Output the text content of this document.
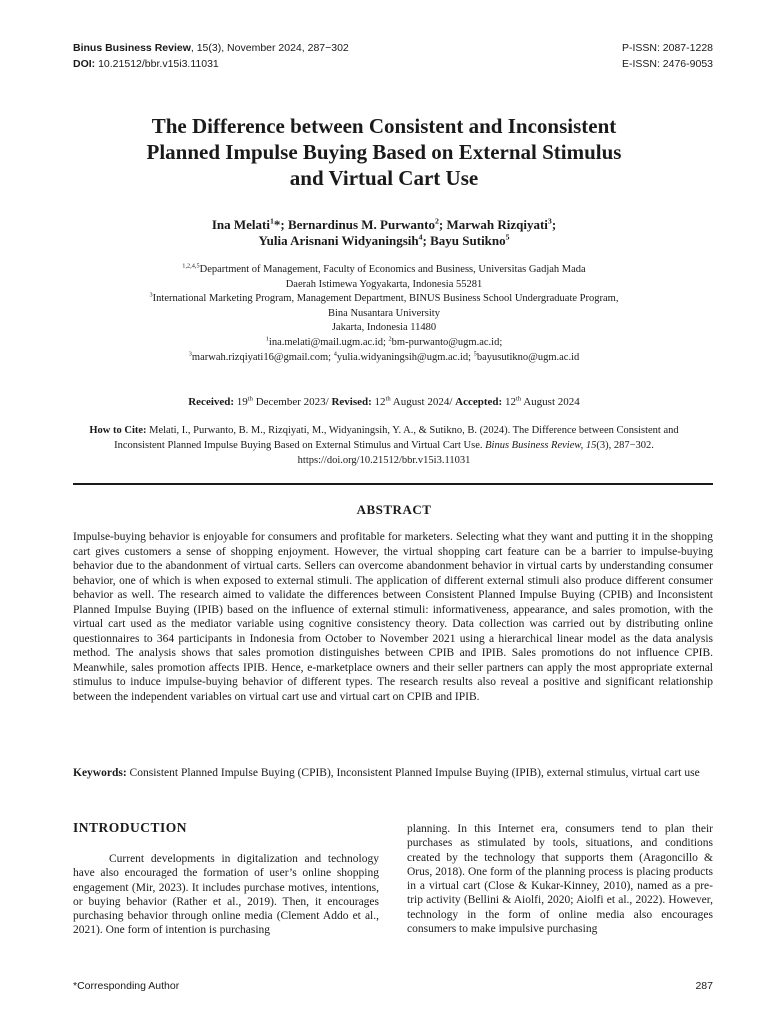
Binus Business Review, 15(3), November 2024, 287−302
DOI: 10.21512/bbr.v15i3.11031
P-ISSN: 2087-1228
E-ISSN: 2476-9053
The Difference between Consistent and Inconsistent
Planned Impulse Buying Based on External Stimulus
and Virtual Cart Use
Ina Melati$^1$*; Bernardinus M. Purwanto$^2$; Marwah Rizqiyati$^3$;
Yulia Arisnani Widyaningsih$^4$; Bayu Sutikno$^5$
$^{1,2,4,5}$Department of Management, Faculty of Economics and Business, Universitas Gadjah Mada
Daerah Istimewa Yogyakarta, Indonesia 55281
$^3$International Marketing Program, Management Department, BINUS Business School Undergraduate Program,
Bina Nusantara University
Jakarta, Indonesia 11480
$^1$ina.melati@mail.ugm.ac.id; $^2$bm-purwanto@ugm.ac.id;
$^3$marwah.rizqiyati16@gmail.com; $^4$yulia.widyaningsih@ugm.ac.id; $^5$bayusutikno@ugm.ac.id
Received: 19th December 2023/ Revised: 12th August 2024/ Accepted: 12th August 2024
How to Cite: Melati, I., Purwanto, B. M., Rizqiyati, M., Widyaningsih, Y. A., & Sutikno, B. (2024). The Difference between Consistent and Inconsistent Planned Impulse Buying Based on External Stimulus and Virtual Cart Use. Binus Business Review, 15(3), 287−302. https://doi.org/10.21512/bbr.v15i3.11031
ABSTRACT

Impulse-buying behavior is enjoyable for consumers and profitable for marketers. Selecting what they want and putting it in the shopping cart gives customers a sense of shopping enjoyment. However, the virtual shopping cart feature can be a barrier to impulse-buying behavior due to the abandonment of virtual carts. Sellers can overcome abandonment behavior in virtual carts by understanding consumer behavior, one of which is when exposed to external stimuli. The application of different external stimuli also produce different consumer behavior as well. The research aimed to validate the differences between Consistent Planned Impulse Buying (CPIB) and Inconsistent Planned Impulse Buying (IPIB) based on the influence of external stimuli: informativeness, appearance, and sales promotion, with the virtual cart used as the mediator variable using cognitive consistency theory. Data collection was carried out by distributing online questionnaires to 364 participants in Indonesia from October to November 2021 using a hierarchical linear model as the data analysis method. The analysis shows that sales promotion distinguishes between CPIB and IPIB. Sales promotions do not influence CPIB. Meanwhile, sales promotion affects IPIB. Hence, e-marketplace owners and their seller partners can apply the most appropriate external stimulus to induce impulse-buying behavior of different types. The research results also reveal a positive and significant relationship between the independent variables on virtual cart use and virtual cart on CPIB and IPIB.

Keywords: Consistent Planned Impulse Buying (CPIB), Inconsistent Planned Impulse Buying (IPIB), external stimulus, virtual cart use

INTRODUCTION

Current developments in digitalization and technology have also encouraged the formation of user’s online shopping engagement (Mir, 2023). It includes purchase motives, intentions, or buying behavior (Rather et al., 2019). Then, it encourages purchasing behavior through online media (Clement Addo et al., 2021). One form of intention is purchasing

planning. In this Internet era, consumers tend to plan their purchases as stimulated by tools, situations, and conditions created by the technology that supports them (Aragoncillo & Orus, 2018). One form of the planning process is placing products in a virtual cart (Close & Kukar-Kinney, 2010), named as a pre-trip activity (Bellini & Aiolfi, 2020; Aiolfi et al., 2022). However, technology in the form of online media also encourages consumers to make impulsive purchasing

*Corresponding Author	287
